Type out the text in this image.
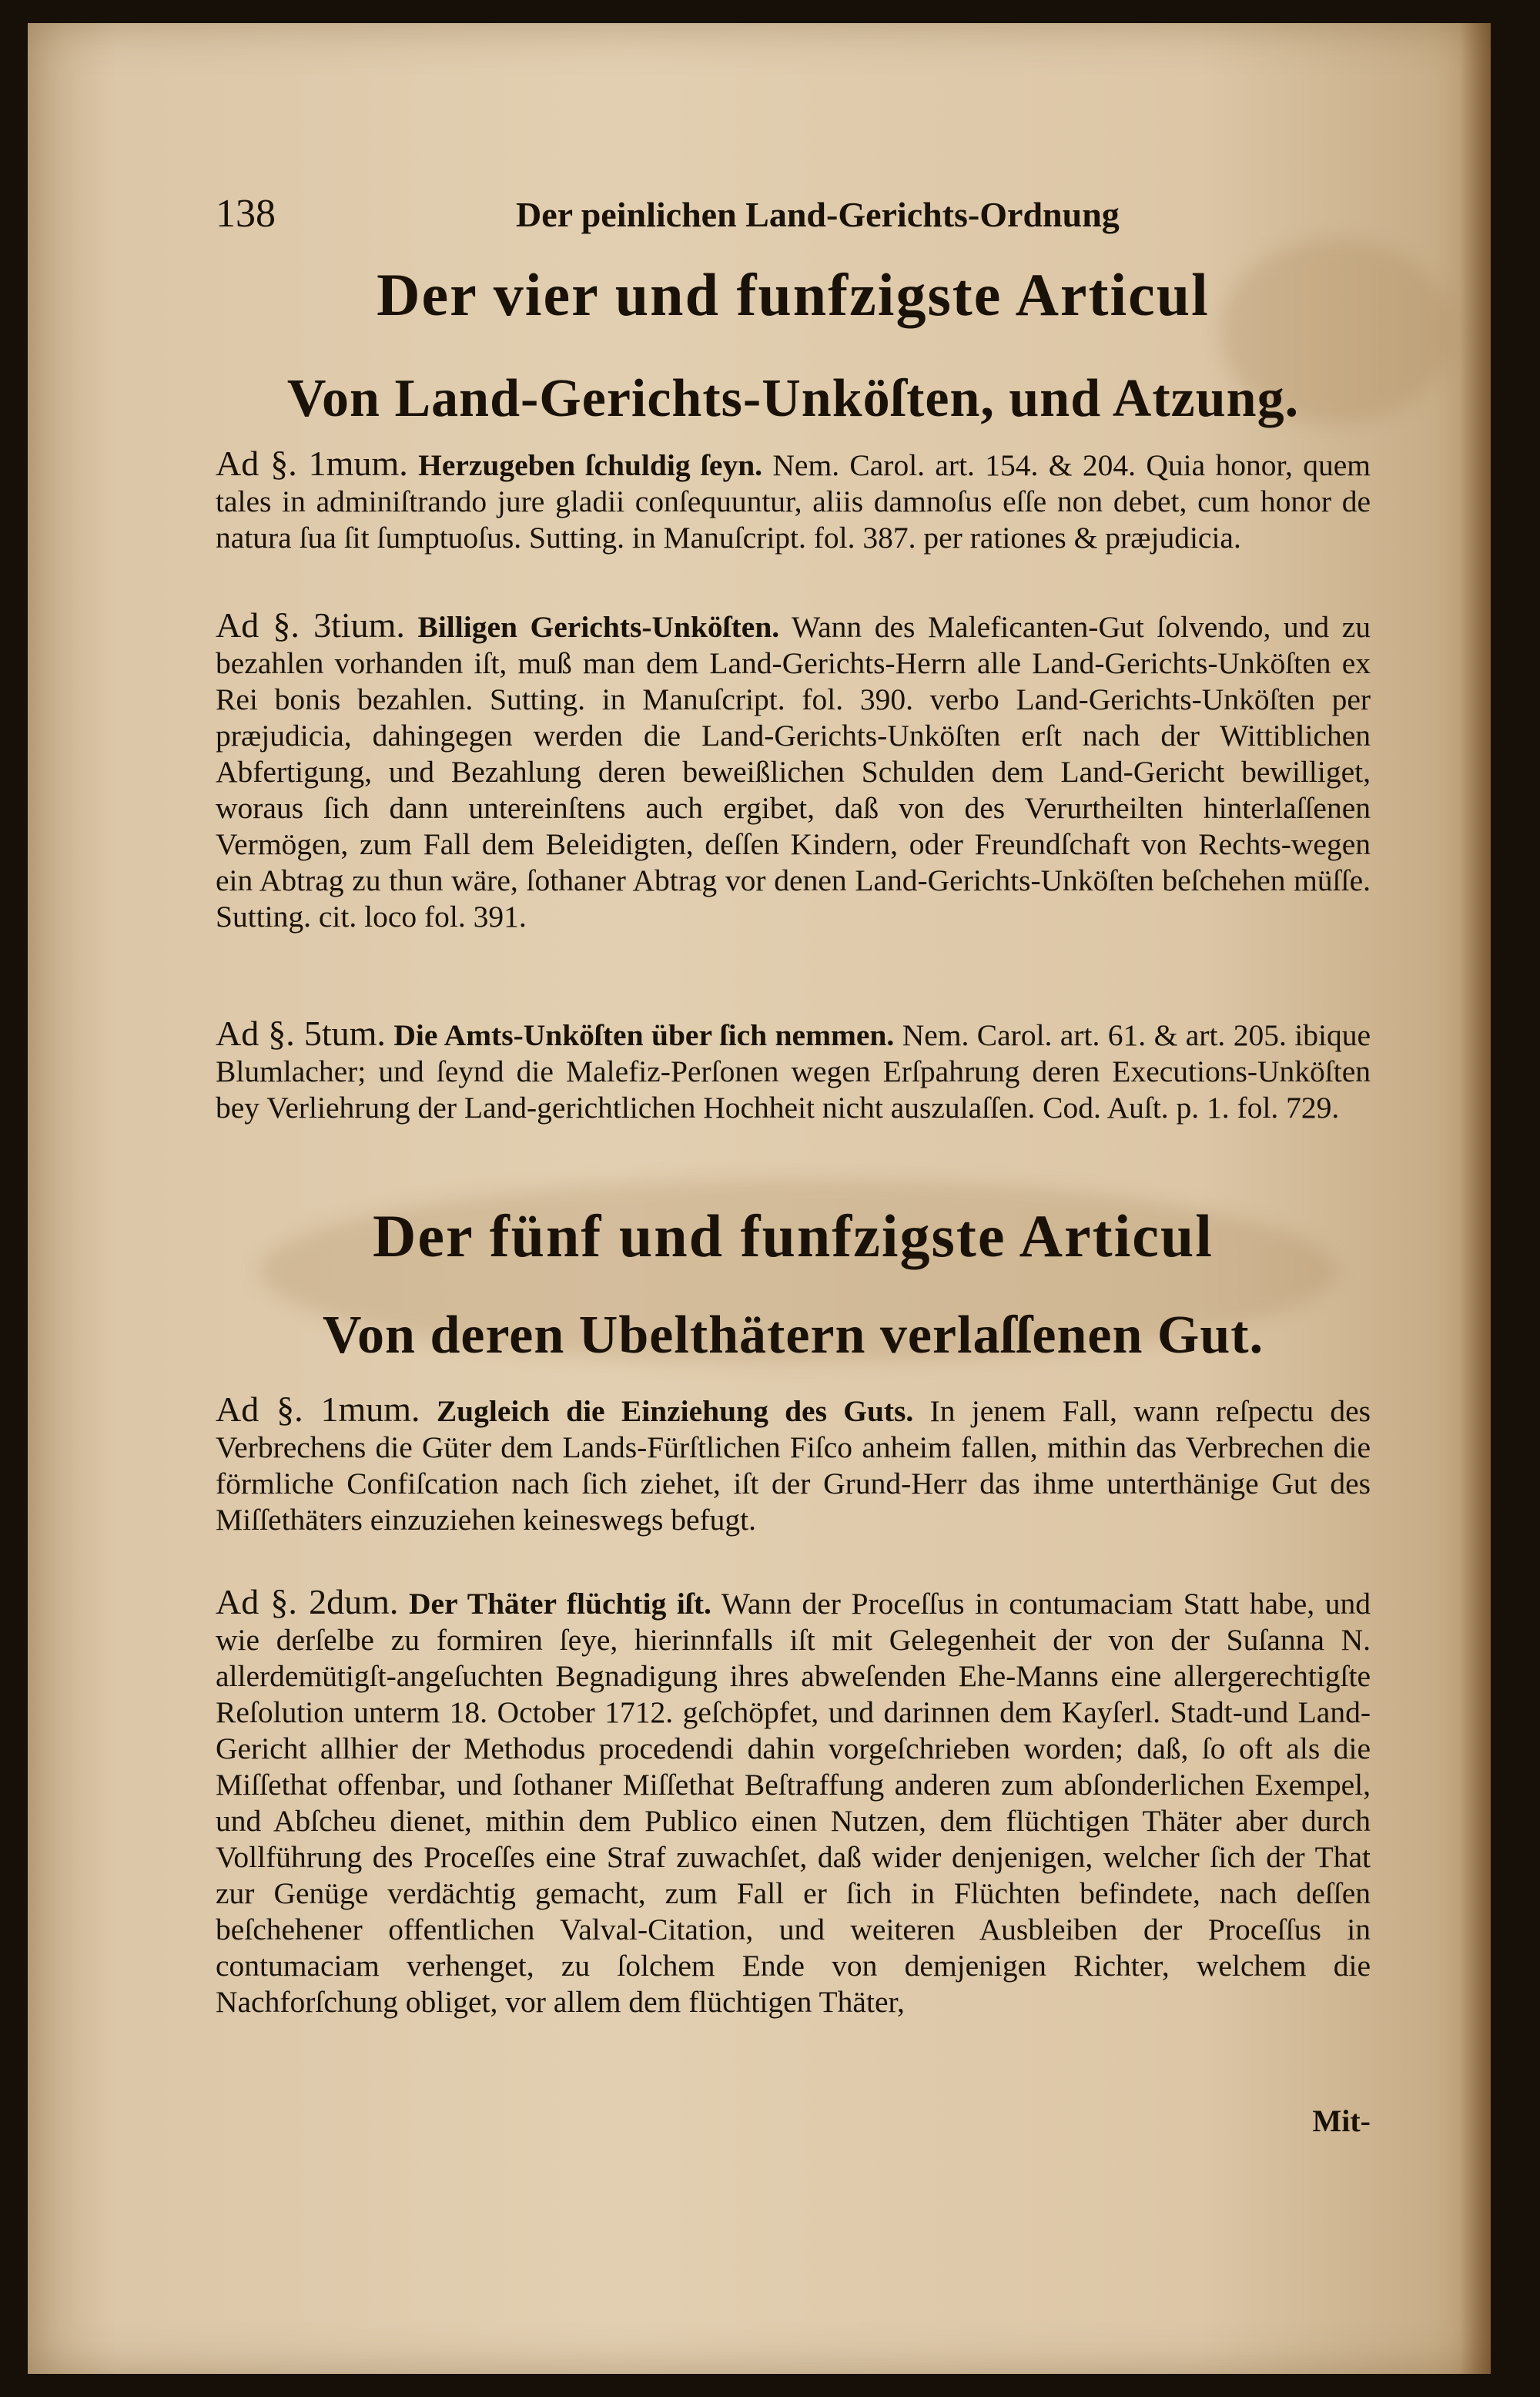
138	Der peinlichen Land-Gerichts-Ordnung
Der vier und funfzigste Articul
Von Land-Gerichts-Unköſten, und Atzung.
Ad §. 1mum. Herzugeben ſchuldig ſeyn. Nem. Carol. art. 154. & 204. Quia honor, quem tales in adminiſtrando jure gladii conſequuntur, aliis damnoſus eſſe non debet, cum honor de natura ſua ſit ſumptuoſus. Sutting. in Manuſcript. fol. 387. per rationes & præjudicia.
Ad §. 3tium. Billigen Gerichts-Unköſten. Wann des Maleficanten-Gut ſolvendo, und zu bezahlen vorhanden iſt, muß man dem Land-Gerichts-Herrn alle Land-Gerichts-Unköſten ex Rei bonis bezahlen. Sutting. in Manuſcript. fol. 390. verbo Land-Gerichts-Unköſten per præjudicia, dahingegen werden die Land-Gerichts-Unköſten erſt nach der Wittiblichen Abfertigung, und Bezahlung deren beweißlichen Schulden dem Land-Gericht bewilliget, woraus ſich dann untereinſtens auch ergibet, daß von des Verurtheilten hinterlaſſenen Vermögen, zum Fall dem Beleidigten, deſſen Kindern, oder Freundſchaft von Rechts-wegen ein Abtrag zu thun wäre, ſothaner Abtrag vor denen Land-Gerichts-Unköſten beſchehen müſſe. Sutting. cit. loco fol. 391.
Ad §. 5tum. Die Amts-Unköſten über ſich nemmen. Nem. Carol. art. 61. & art. 205. ibique Blumlacher; und ſeynd die Malefiz-Perſonen wegen Erſpahrung deren Executions-Unköſten bey Verliehrung der Land-gerichtlichen Hochheit nicht auszulaſſen. Cod. Auſt. p. 1. fol. 729.
Der fünf und funfzigste Articul
Von deren Ubelthätern verlaſſenen Gut.
Ad §. 1mum. Zugleich die Einziehung des Guts. In jenem Fall, wann reſpectu des Verbrechens die Güter dem Lands-Fürſtlichen Fiſco anheim fallen, mithin das Verbrechen die förmliche Confiſcation nach ſich ziehet, iſt der Grund-Herr das ihme unterthänige Gut des Miſſethäters einzuziehen keineswegs befugt.
Ad §. 2dum. Der Thäter flüchtig iſt. Wann der Proceſſus in contumaciam Statt habe, und wie derſelbe zu formiren ſeye, hierinnfalls iſt mit Gelegenheit der von der Suſanna N. allerdemütigſt-angeſuchten Begnadigung ihres abweſenden Ehe-Manns eine allergerechtigſte Reſolution unterm 18. October 1712. geſchöpfet, und darinnen dem Kayſerl. Stadt-und Land-Gericht allhier der Methodus procedendi dahin vorgeſchrieben worden; daß, ſo oft als die Miſſethat offenbar, und ſothaner Miſſethat Beſtraffung anderen zum abſonderlichen Exempel, und Abſcheu dienet, mithin dem Publico einen Nutzen, dem flüchtigen Thäter aber durch Vollführung des Proceſſes eine Straf zuwachſet, daß wider denjenigen, welcher ſich der That zur Genüge verdächtig gemacht, zum Fall er ſich in Flüchten befindete, nach deſſen beſchehener offentlichen Valval-Citation, und weiteren Ausbleiben der Proceſſus in contumaciam verhenget, zu ſolchem Ende von demjenigen Richter, welchem die Nachforſchung obliget, vor allem dem flüchtigen Thäter,
Mit-
